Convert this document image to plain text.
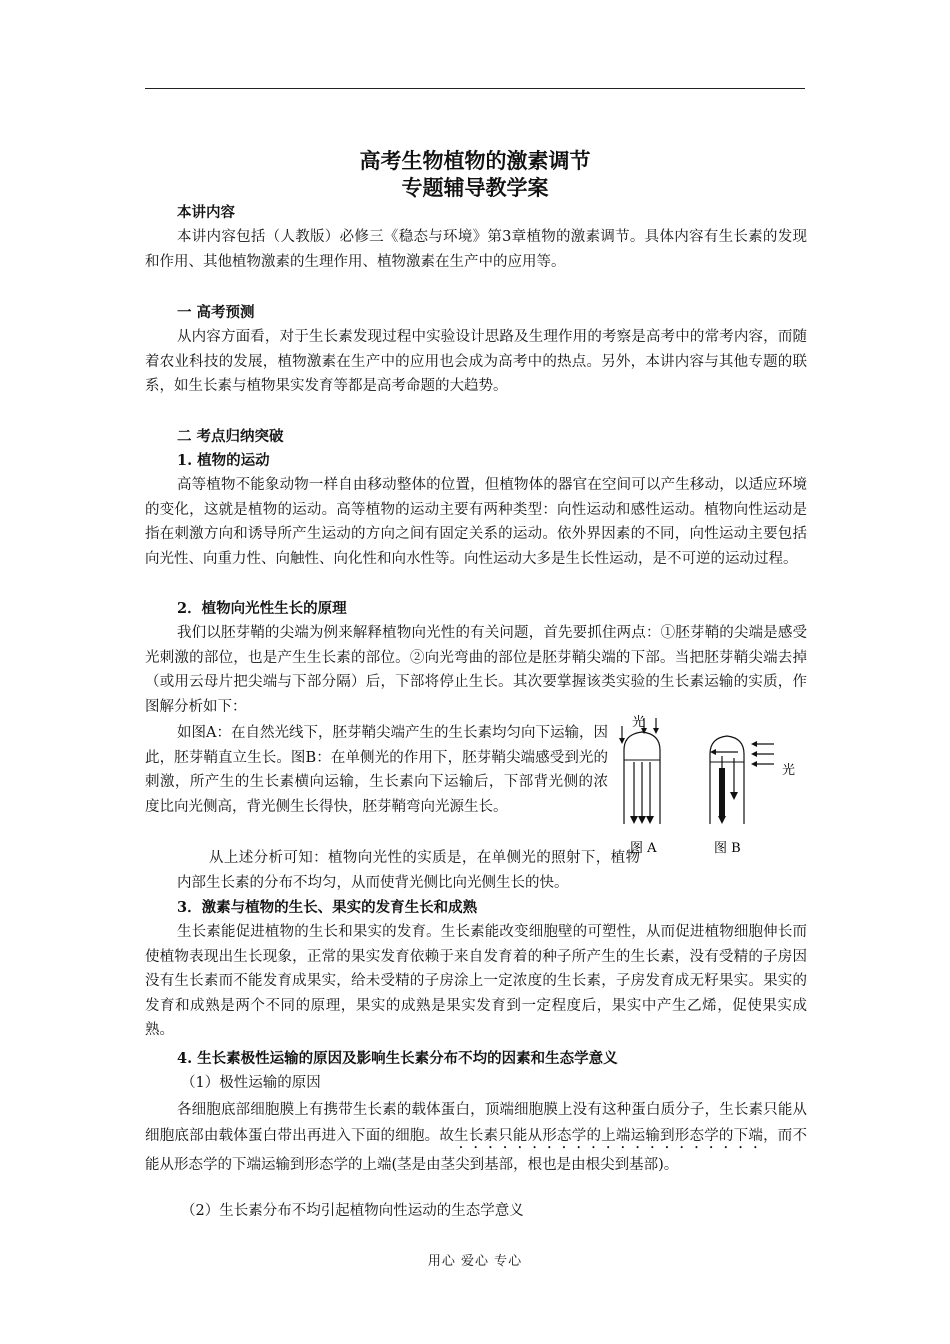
高考生物植物的激素调节
专题辅导教学案
本讲内容
本讲内容包括（人教版）必修三《稳态与环境》第3章植物的激素调节。具体内容有生长素的发现和作用、其他植物激素的生理作用、植物激素在生产中的应用等。
一 高考预测
从内容方面看，对于生长素发现过程中实验设计思路及生理作用的考察是高考中的常考内容，而随着农业科技的发展，植物激素在生产中的应用也会成为高考中的热点。另外，本讲内容与其他专题的联系，如生长素与植物果实发育等都是高考命题的大趋势。
二 考点归纳突破
1. 植物的运动
高等植物不能象动物一样自由移动整体的位置，但植物体的器官在空间可以产生移动，以适应环境的变化，这就是植物的运动。高等植物的运动主要有两种类型：向性运动和感性运动。植物向性运动是指在刺激方向和诱导所产生运动的方向之间有固定关系的运动。依外界因素的不同，向性运动主要包括向光性、向重力性、向触性、向化性和向水性等。向性运动大多是生长性运动，是不可逆的运动过程。
2．植物向光性生长的原理
我们以胚芽鞘的尖端为例来解释植物向光性的有关问题，首先要抓住两点：①胚芽鞘的尖端是感受光刺激的部位，也是产生生长素的部位。②向光弯曲的部位是胚芽鞘尖端的下部。当把胚芽鞘尖端去掉（或用云母片把尖端与下部分隔）后，下部将停止生长。其次要掌握该类实验的生长素运输的实质，作图解分析如下：
如图A：在自然光线下，胚芽鞘尖端产生的生长素均匀向下运输，因此，胚芽鞘直立生长。图B：在单侧光的作用下，胚芽鞘尖端感受到光的刺激，所产生的生长素横向运输，生长素向下运输后，下部背光侧的浓度比向光侧高，背光侧生长得快，胚芽鞘弯向光源生长。
从上述分析可知：植物向光性的实质是，在单侧光的照射下，植物内部生长素的分布不均匀，从而使背光侧比向光侧生长的快。
光
光
图 A	图 B
3．激素与植物的生长、果实的发育生长和成熟
生长素能促进植物的生长和果实的发育。生长素能改变细胞壁的可塑性，从而促进植物细胞伸长而使植物表现出生长现象，正常的果实发育依赖于来自发育着的种子所产生的生长素，没有受精的子房因没有生长素而不能发育成果实，给未受精的子房涂上一定浓度的生长素，子房发育成无籽果实。果实的发育和成熟是两个不同的原理，果实的成熟是果实发育到一定程度后，果实中产生乙烯，促使果实成熟。
4. 生长素极性运输的原因及影响生长素分布不均的因素和生态学意义
（1）极性运输的原因
各细胞底部细胞膜上有携带生长素的载体蛋白，顶端细胞膜上没有这种蛋白质分子，生长素只能从细胞底部由载体蛋白带出再进入下面的细胞。故生长素只能从形态学的上端运输到形态学的下端，而不能从形态学的下端运输到形态学的上端(茎是由茎尖到基部，根也是由根尖到基部)。
（2）生长素分布不均引起植物向性运动的生态学意义
用心 爱心 专心
